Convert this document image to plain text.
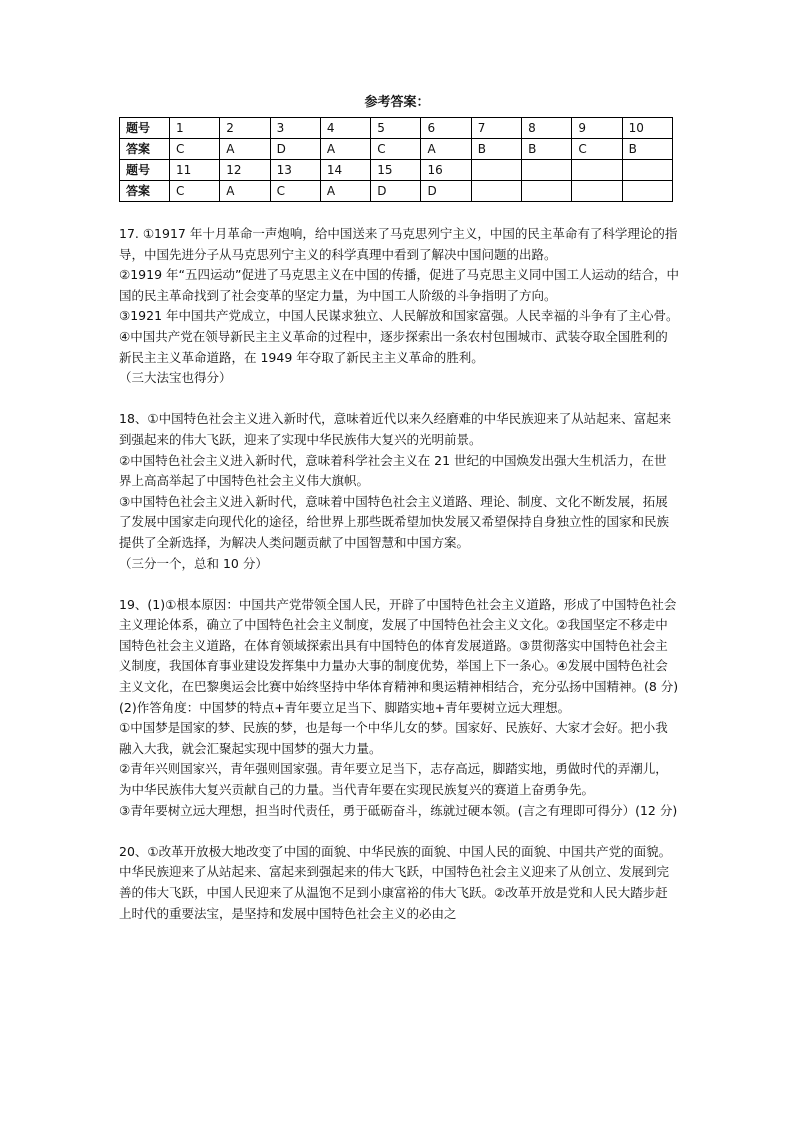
参考答案：
题号	1	2	3	4	5	6	7	8	9	10
答案	C	A	D	A	C	A	B	B	C	B
题号	11	12	13	14	15	16				
答案	C	A	C	A	D	D				

17. ①1917 年十月革命一声炮响，给中国送来了马克思列宁主义，中国的民主革命有了科学理论的指导，中国先进分子从马克思列宁主义的科学真理中看到了解决中国问题的出路。

②1919 年“五四运动”促进了马克思主义在中国的传播，促进了马克思主义同中国工人运动的结合，中国的民主革命找到了社会变革的坚定力量，为中国工人阶级的斗争指明了方向。

③1921 年中国共产党成立，中国人民谋求独立、人民解放和国家富强。人民幸福的斗争有了主心骨。

④中国共产党在领导新民主主义革命的过程中，逐步探索出一条农村包围城市、武装夺取全国胜利的新民主主义革命道路，在 1949 年夺取了新民主主义革命的胜利。

（三大法宝也得分）

18、①中国特色社会主义进入新时代，意味着近代以来久经磨难的中华民族迎来了从站起来、富起来到强起来的伟大飞跃，迎来了实现中华民族伟大复兴的光明前景。

②中国特色社会主义进入新时代，意味着科学社会主义在 21 世纪的中国焕发出强大生机活力，在世界上高高举起了中国特色社会主义伟大旗帜。

③中国特色社会主义进入新时代，意味着中国特色社会主义道路、理论、制度、文化不断发展，拓展了发展中国家走向现代化的途径，给世界上那些既希望加快发展又希望保持自身独立性的国家和民族提供了全新选择，为解决人类问题贡献了中国智慧和中国方案。

（三分一个，总和 10 分）

19、(1)①根本原因：中国共产党带领全国人民，开辟了中国特色社会主义道路，形成了中国特色社会主义理论体系，确立了中国特色社会主义制度，发展了中国特色社会主义文化。②我国坚定不移走中国特色社会主义道路，在体育领域探索出具有中国特色的体育发展道路。③贯彻落实中国特色社会主义制度，我国体育事业建设发挥集中力量办大事的制度优势，举国上下一条心。④发展中国特色社会主义文化，在巴黎奥运会比赛中始终坚持中华体育精神和奥运精神相结合，充分弘扬中国精神。(8 分)

(2)作答角度：中国梦的特点+青年要立足当下、脚踏实地+青年要树立远大理想。

①中国梦是国家的梦、民族的梦，也是每一个中华儿女的梦。国家好、民族好、大家才会好。把小我融入大我，就会汇聚起实现中国梦的强大力量。

②青年兴则国家兴，青年强则国家强。青年要立足当下，志存高远，脚踏实地，勇做时代的弄潮儿，为中华民族伟大复兴贡献自己的力量。当代青年要在实现民族复兴的赛道上奋勇争先。

③青年要树立远大理想，担当时代责任，勇于砥砺奋斗，练就过硬本领。(言之有理即可得分）(12 分)

20、①改革开放极大地改变了中国的面貌、中华民族的面貌、中国人民的面貌、中国共产党的面貌。中华民族迎来了从站起来、富起来到强起来的伟大飞跃，中国特色社会主义迎来了从创立、发展到完善的伟大飞跃，中国人民迎来了从温饱不足到小康富裕的伟大飞跃。②改革开放是党和人民大踏步赶上时代的重要法宝，是坚持和发展中国特色社会主义的必由之
